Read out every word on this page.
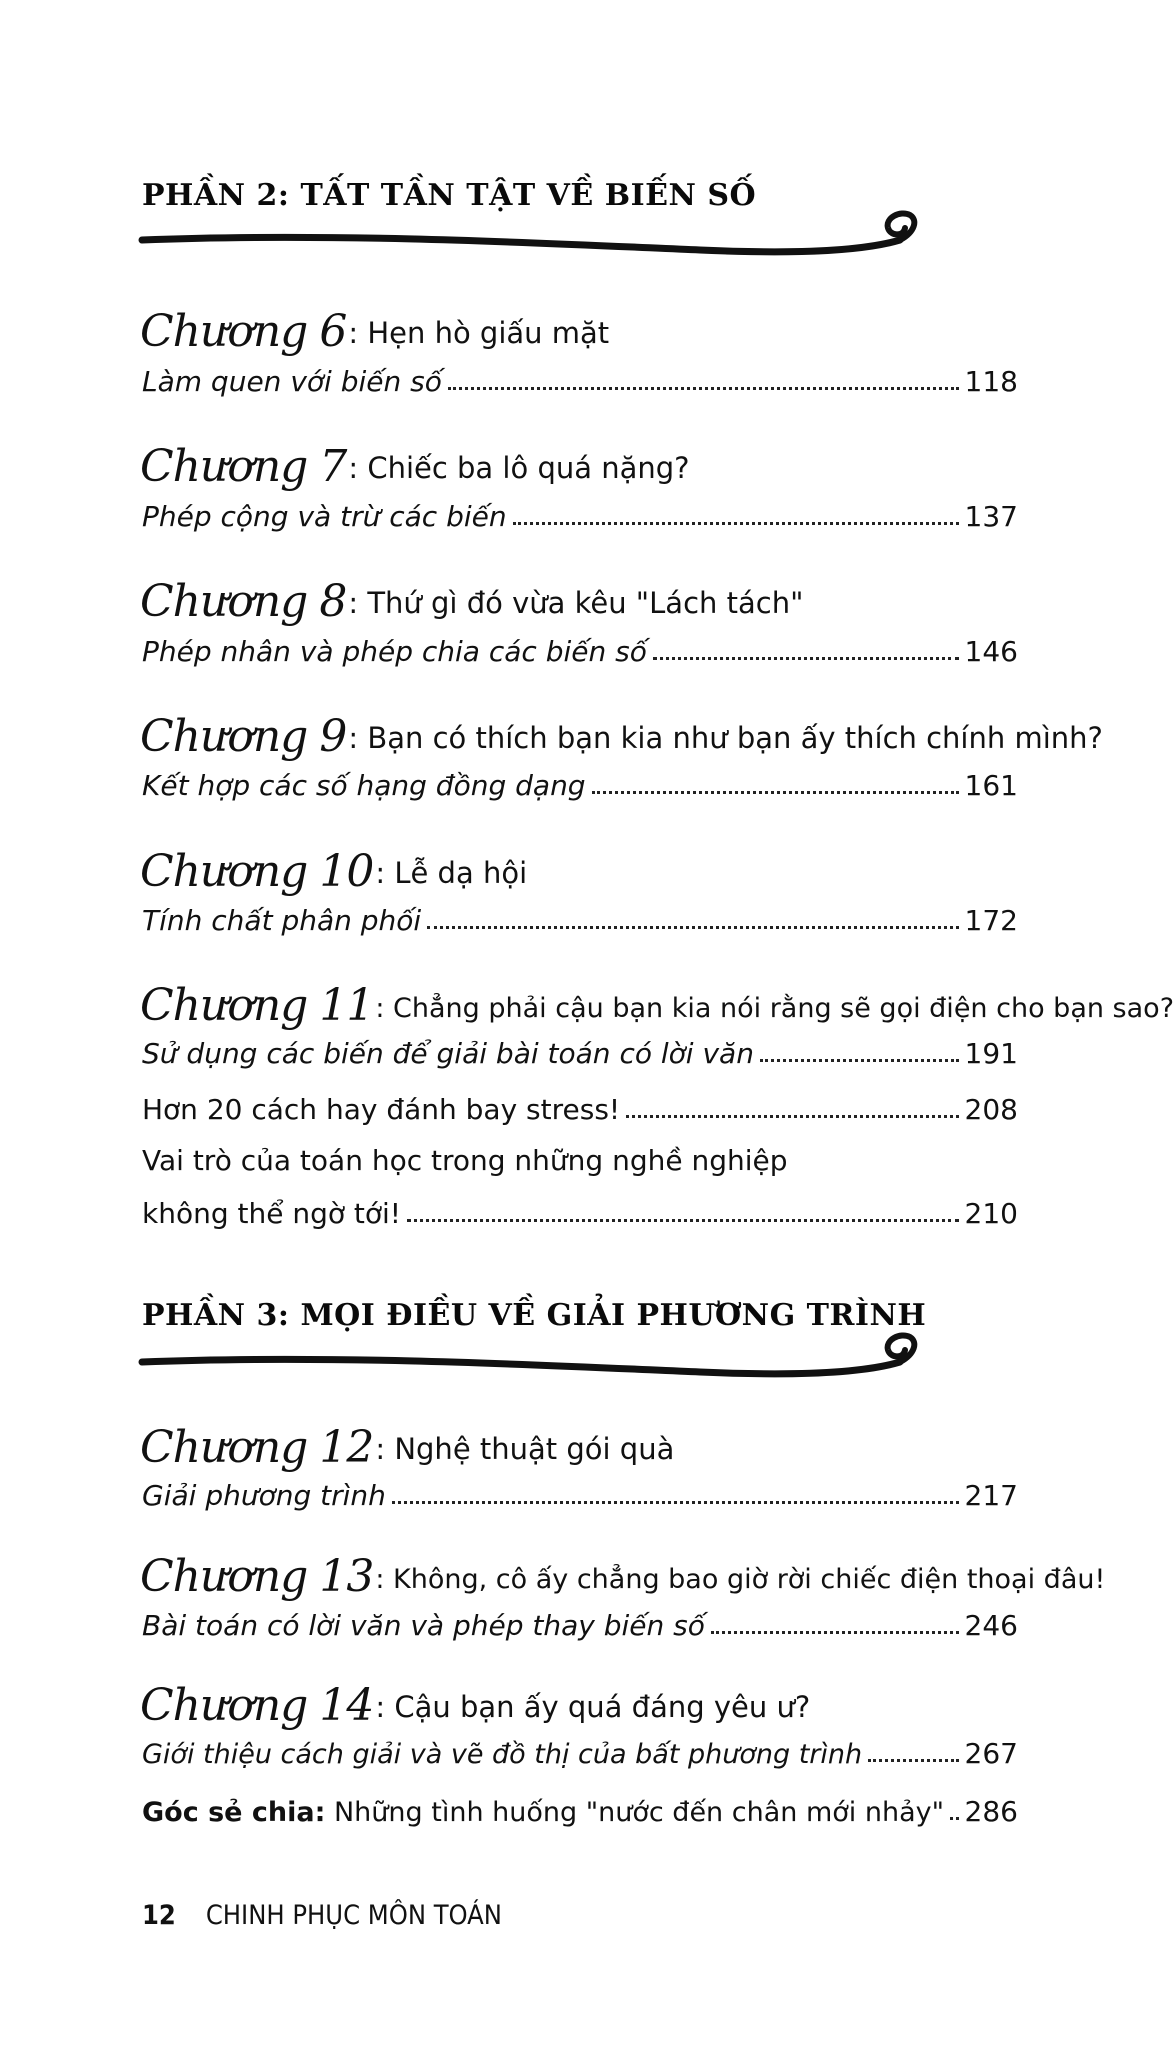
PHẦN 2: TẤT TẦN TẬT VỀ BIẾN SỐ
Chương 6 : Hẹn hò giấu mặt
Làm quen với biến số	118
Chương 7 : Chiếc ba lô quá nặng?
Phép cộng và trừ các biến	137
Chương 8 : Thứ gì đó vừa kêu "Lách tách"
Phép nhân và phép chia các biến số	146
Chương 9 : Bạn có thích bạn kia như bạn ấy thích chính mình?
Kết hợp các số hạng đồng dạng	161
Chương 10 : Lễ dạ hội
Tính chất phân phối	172
Chương 11 : Chẳng phải cậu bạn kia nói rằng sẽ gọi điện cho bạn sao?
Sử dụng các biến để giải bài toán có lời văn	191
Hơn 20 cách hay đánh bay stress!	208
Vai trò của toán học trong những nghề nghiệp
không thể ngờ tới!	210
PHẦN 3: MỌI ĐIỀU VỀ GIẢI PHƯƠNG TRÌNH
Chương 12 : Nghệ thuật gói quà
Giải phương trình	217
Chương 13 : Không, cô ấy chẳng bao giờ rời chiếc điện thoại đâu!
Bài toán có lời văn và phép thay biến số	246
Chương 14 : Cậu bạn ấy quá đáng yêu ư?
Giới thiệu cách giải và vẽ đồ thị của bất phương trình	267
Góc sẻ chia: Những tình huống "nước đến chân mới nhảy" 286
12 CHINH PHỤC MÔN TOÁN
